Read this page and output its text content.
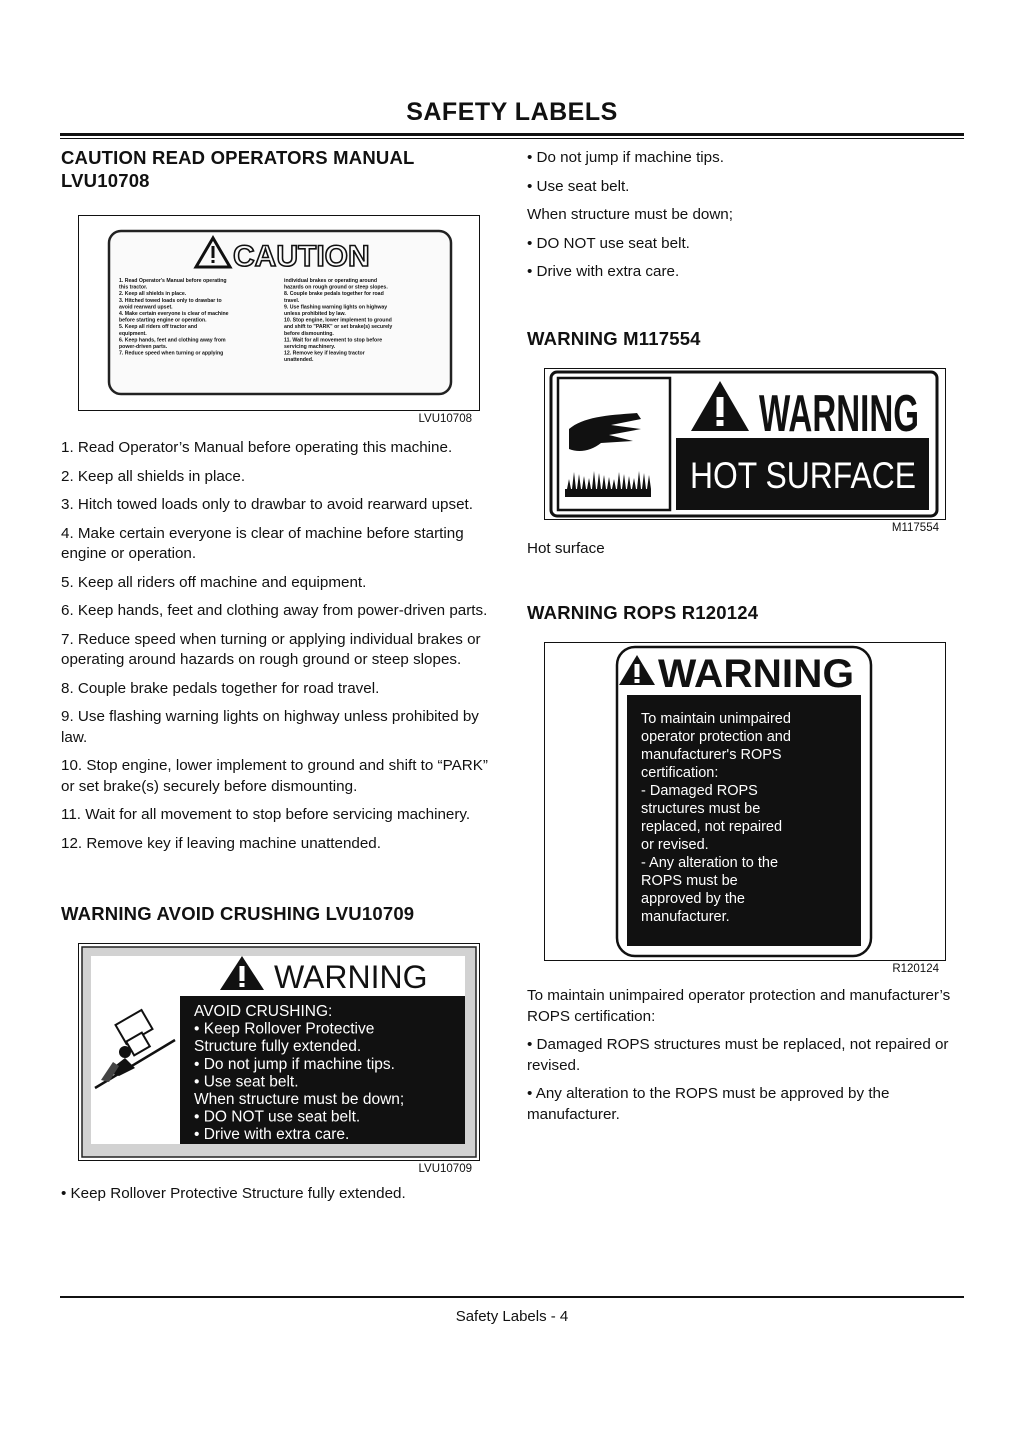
SAFETY LABELS
CAUTION READ OPERATORS MANUAL LVU10708
CAUTION
1. Read Operator's Manual before operating this tractor.
2. Keep all shields in place.
3. Hitched towed loads only to drawbar to avoid rearward upset.
4. Make certain everyone is clear of machine before starting engine or operation.
5. Keep all riders off tractor and equipment.
6. Keep hands, feet and clothing away from power-driven parts.
7. Reduce speed when turning or applying
individual brakes or operating around hazards on rough ground or steep slopes.
8. Couple brake pedals together for road travel.
9. Use flashing warning lights on highway unless prohibited by law.
10. Stop engine, lower implement to ground and shift to "PARK" or set brake(s) securely before dismounting.
11. Wait for all movement to stop before servicing machinery.
12. Remove key if leaving tractor unattended.
LVU10708

1. Read Operator’s Manual before operating this machine.

2. Keep all shields in place.

3. Hitch towed loads only to drawbar to avoid rearward upset.

4. Make certain everyone is clear of machine before starting engine or operation.

5. Keep all riders off machine and equipment.

6. Keep hands, feet and clothing away from power-driven parts.

7. Reduce speed when turning or applying individual brakes or operating around hazards on rough ground or steep slopes.

8. Couple brake pedals together for road travel.

9. Use flashing warning lights on highway unless prohibited by law.

10. Stop engine, lower implement to ground and shift to “PARK” or set brake(s) securely before dismounting.

11. Wait for all movement to stop before servicing machinery.

12. Remove key if leaving machine unattended.

WARNING AVOID CRUSHING LVU10709
WARNING
AVOID CRUSHING:
• Keep Rollover Protective
Structure fully extended.
• Do not jump if machine tips.
• Use seat belt.
When structure must be down;
• DO NOT use seat belt.
• Drive with extra care.
LVU10709

• Keep Rollover Protective Structure fully extended.

• Do not jump if machine tips.

• Use seat belt.

When structure must be down;

• DO NOT use seat belt.

• Drive with extra care.

WARNING M117554
WARNING
HOT SURFACE
M117554

Hot surface

WARNING ROPS R120124
WARNING
To maintain unimpaired
operator protection and
manufacturer's ROPS
certification:
- Damaged ROPS
structures must be
replaced, not repaired
or revised.
- Any alteration to the
ROPS must be
approved by the
manufacturer.
R120124

To maintain unimpaired operator protection and manufacturer’s ROPS certification:

• Damaged ROPS structures must be replaced, not repaired or revised.

• Any alteration to the ROPS must be approved by the manufacturer.

Safety Labels - 4
